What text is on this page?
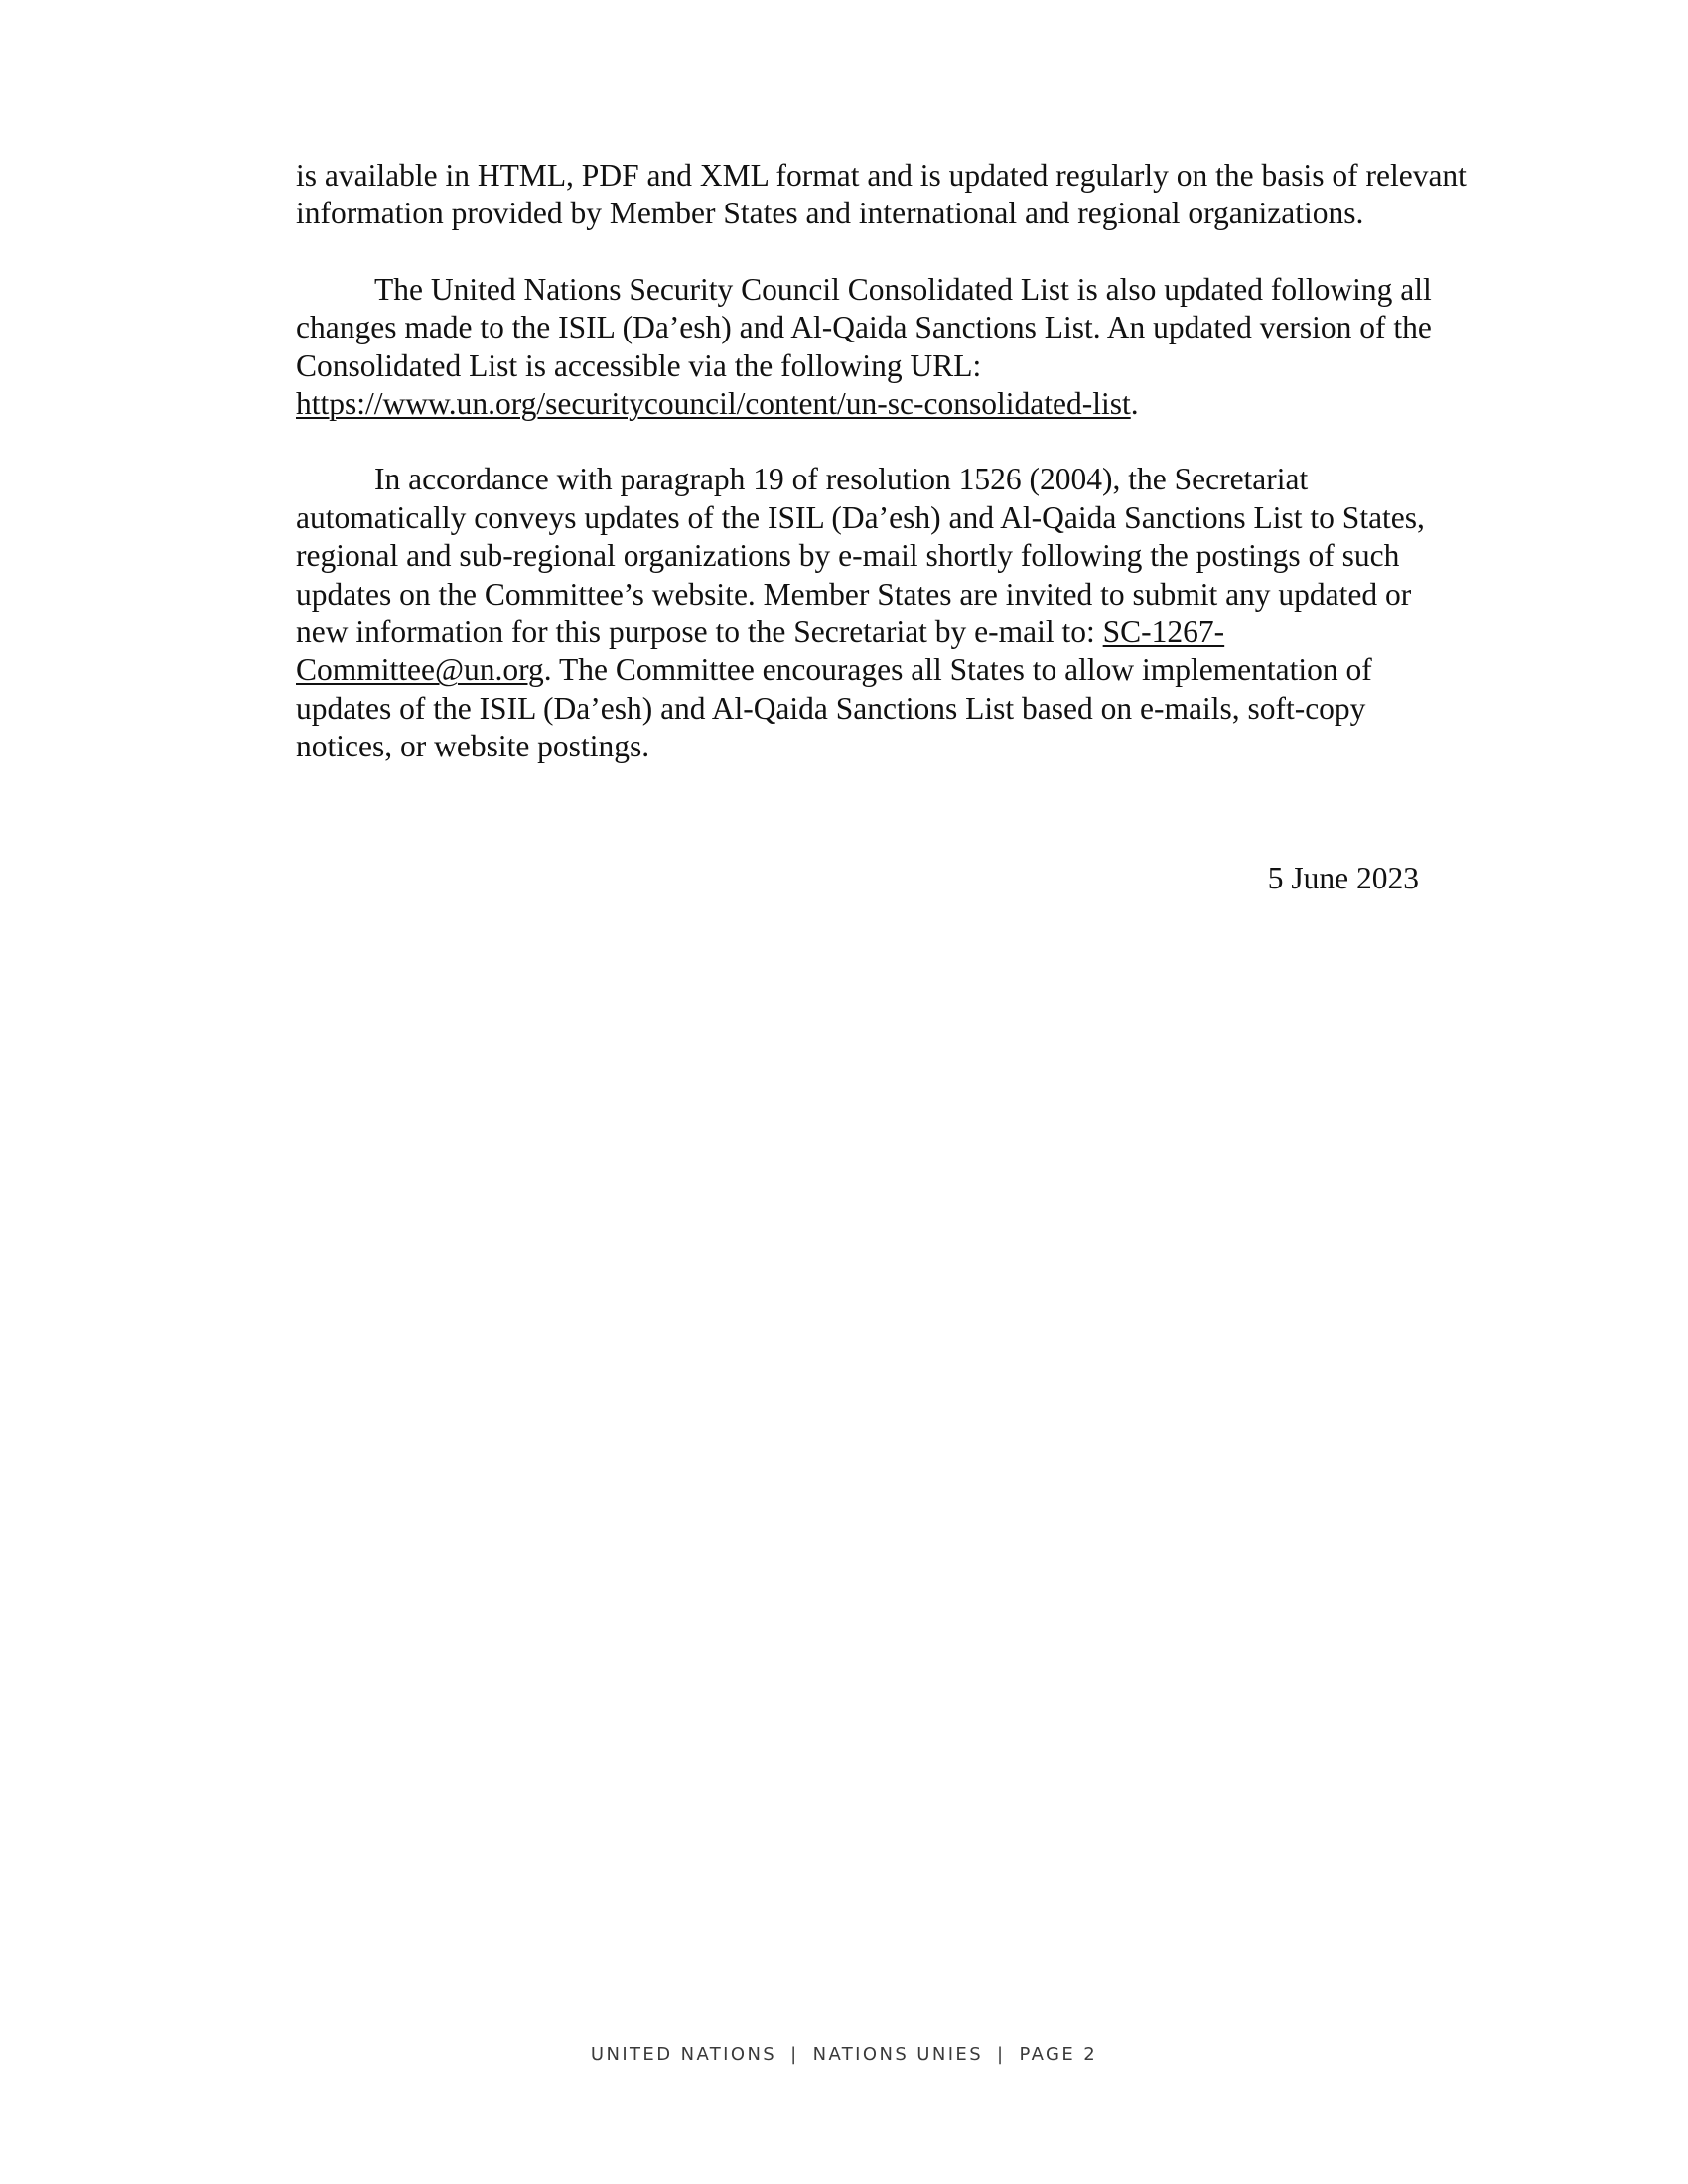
is available in HTML, PDF and XML format and is updated regularly on the basis of relevant information provided by Member States and international and regional organizations.

The United Nations Security Council Consolidated List is also updated following all changes made to the ISIL (Da’esh) and Al-Qaida Sanctions List. An updated version of the Consolidated List is accessible via the following URL: https://www.un.org/securitycouncil/content/un-sc-consolidated-list.

In accordance with paragraph 19 of resolution 1526 (2004), the Secretariat automatically conveys updates of the ISIL (Da’esh) and Al-Qaida Sanctions List to States, regional and sub-regional organizations by e-mail shortly following the postings of such updates on the Committee’s website. Member States are invited to submit any updated or new information for this purpose to the Secretariat by e-mail to: SC-1267-Committee@un.org. The Committee encourages all States to allow implementation of updates of the ISIL (Da’esh) and Al-Qaida Sanctions List based on e-mails, soft-copy notices, or website postings.

5 June 2023
UNITED NATIONS | NATIONS UNIES | PAGE 2
